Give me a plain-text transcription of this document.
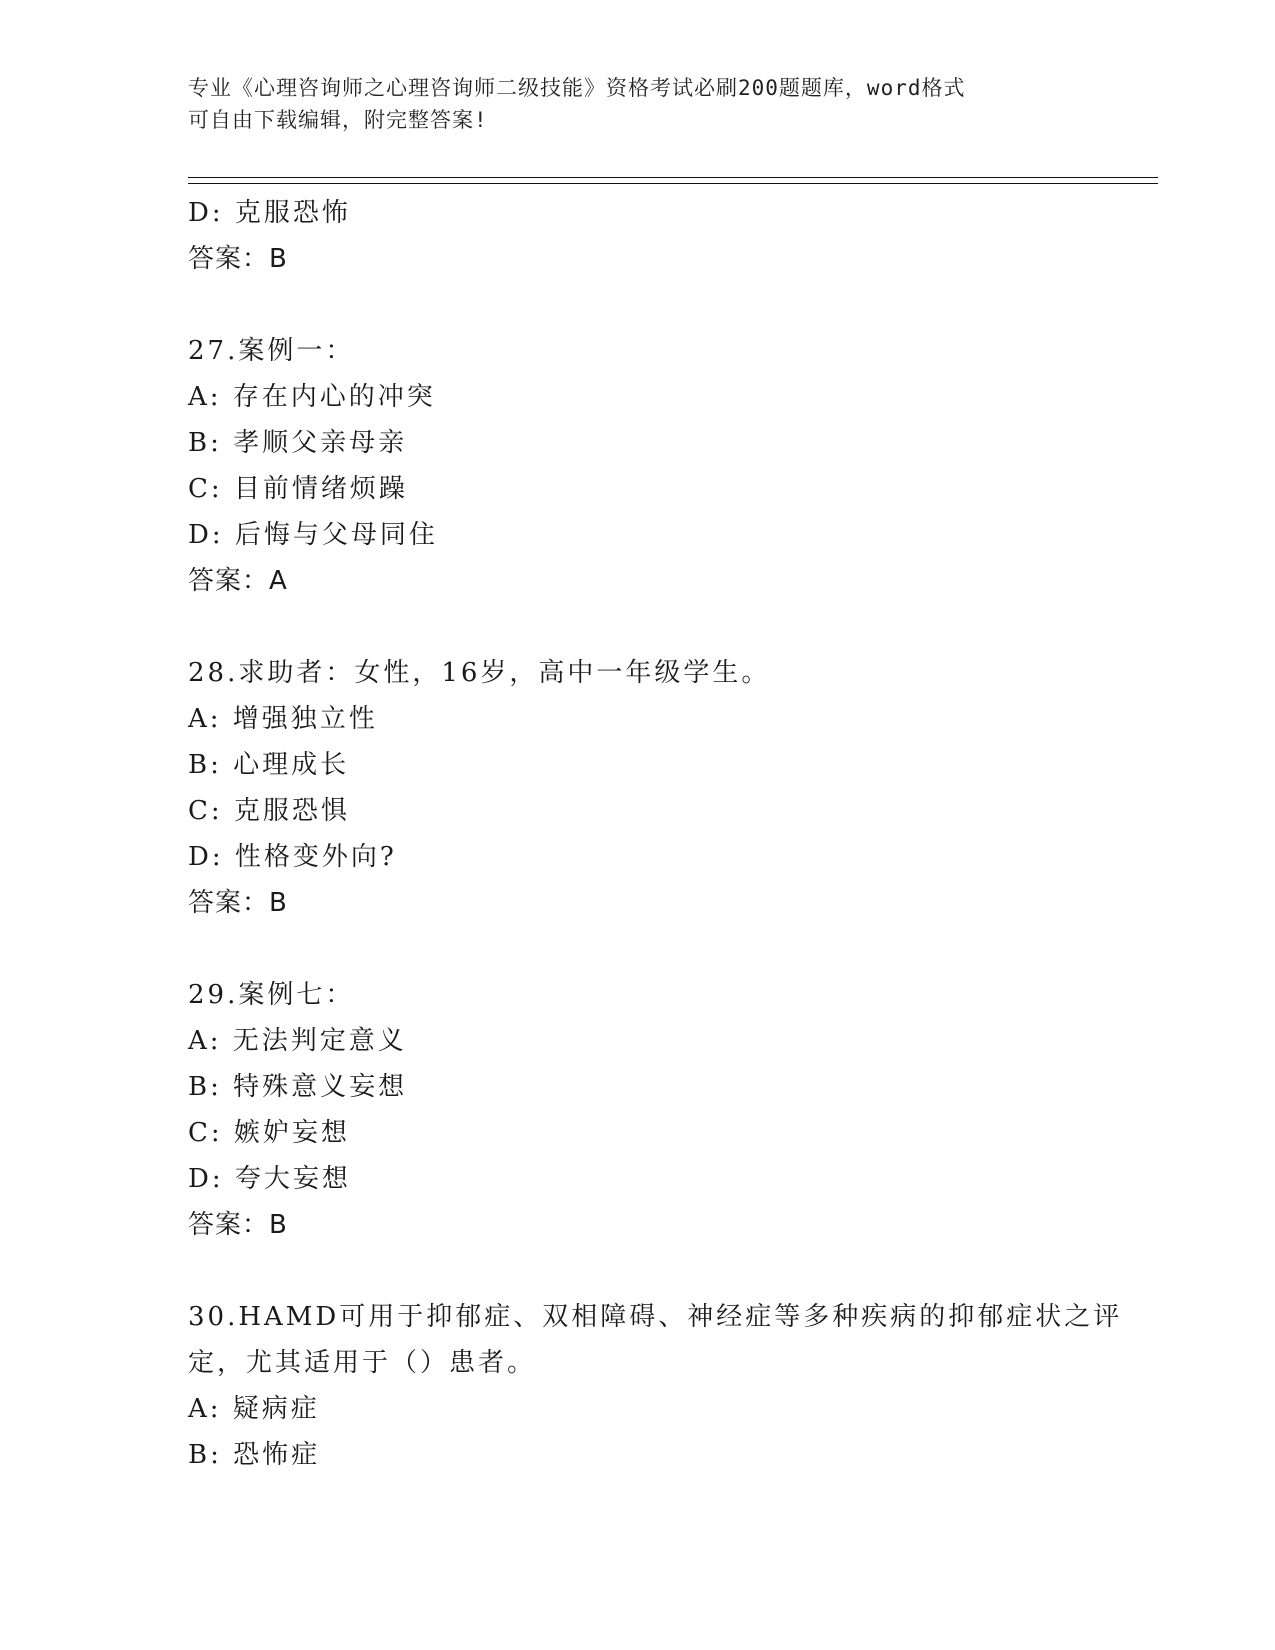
专业《心理咨询师之心理咨询师二级技能》资格考试必刷200题题库，word格式
可自由下载编辑，附完整答案!
D: 克服恐怖
答案：B
27.案例一：
A: 存在内心的冲突
B: 孝顺父亲母亲
C: 目前情绪烦躁
D: 后悔与父母同住
答案：A
28.求助者：女性，16岁，高中一年级学生。
A: 增强独立性
B: 心理成长
C: 克服恐惧
D: 性格变外向?
答案：B
29.案例七：
A: 无法判定意义
B: 特殊意义妄想
C: 嫉妒妄想
D: 夸大妄想
答案：B
30.HAMD可用于抑郁症、双相障碍、神经症等多种疾病的抑郁症状之评
定，尤其适用于（）患者。
A: 疑病症
B: 恐怖症
